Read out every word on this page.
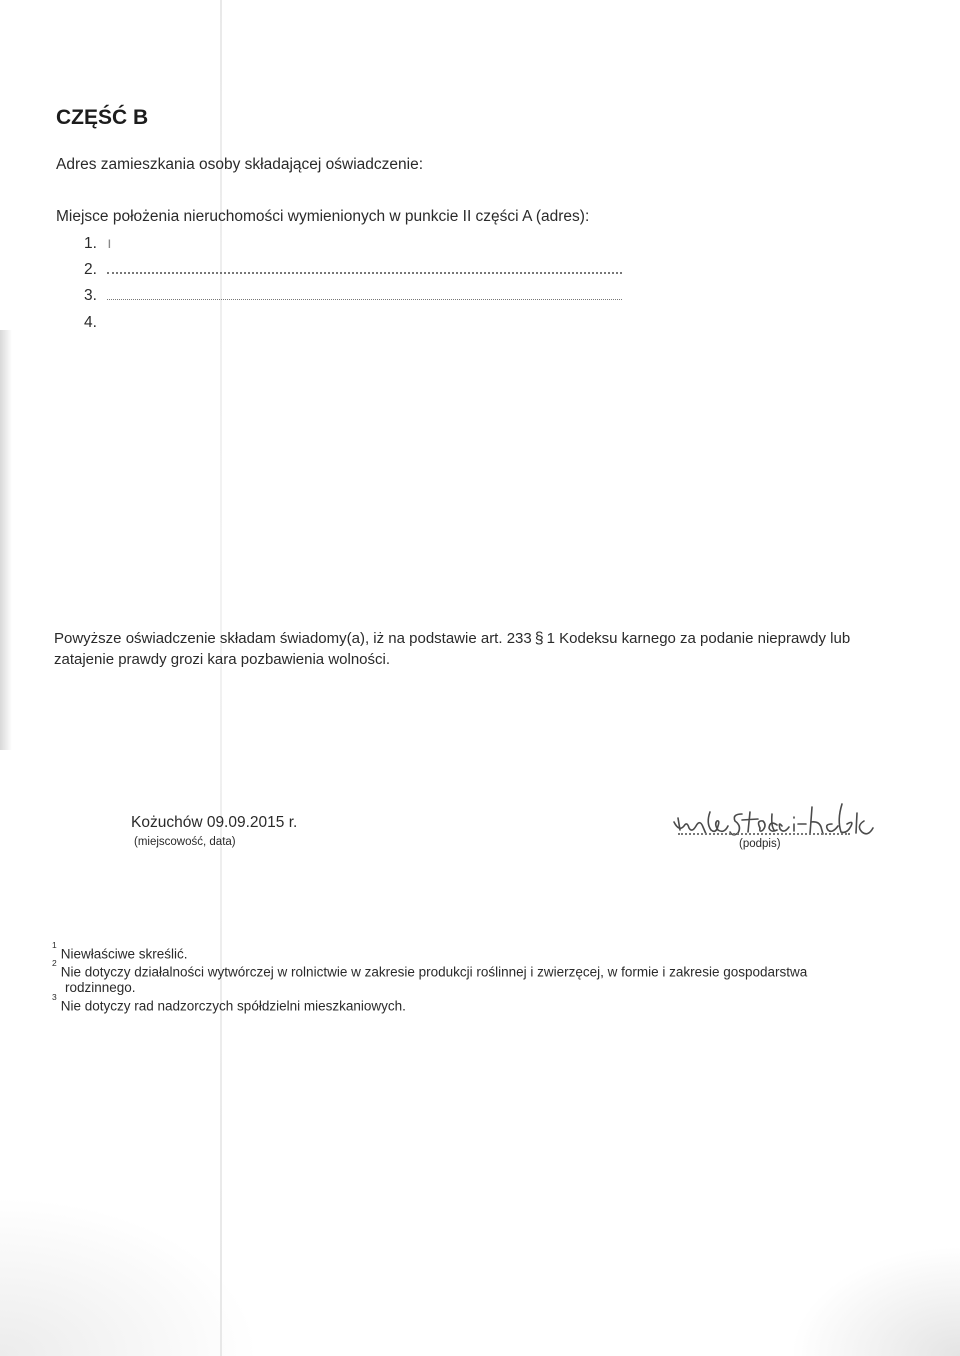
CZĘŚĆ B
Adres zamieszkania osoby składającej oświadczenie:
Miejsce położenia nieruchomości wymienionych w punkcie II części A (adres):
1. ı
2.
3.
4.
Powyższe oświadczenie składam świadomy(a), iż na podstawie art. 233 § 1 Kodeksu karnego za podanie nieprawdy lub zatajenie prawdy grozi kara pozbawienia wolności.
Kożuchów 09.09.2015 r.
(miejscowość, data)	(podpis)
$^1$Niewłaściwe skreślić.
$^2$Nie dotyczy działalności wytwórczej w rolnictwie w zakresie produkcji roślinnej i zwierzęcej, w formie i zakresie gospodarstwa
rodzinnego.
$^3$Nie dotyczy rad nadzorczych spółdzielni mieszkaniowych.
